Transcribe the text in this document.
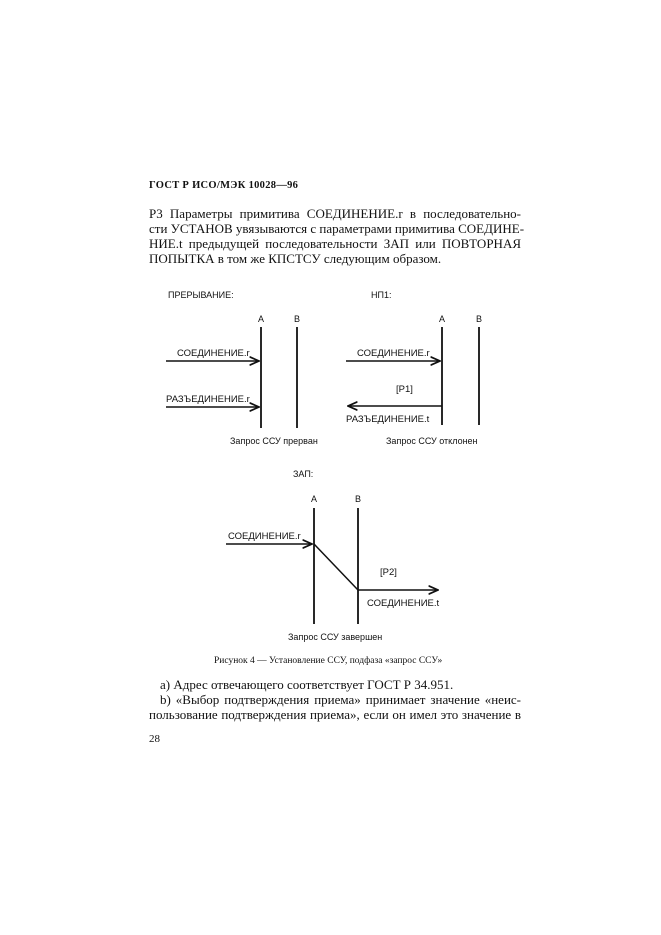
ГОСТ Р ИСО/МЭК 10028—96
Р3 Параметры примитива СОЕДИНЕНИЕ.r в последовательно-
сти УСТАНОВ увязываются с параметрами примитива СОЕДИНЕ-
НИЕ.t предыдущей последовательности ЗАП или ПОВТОРНАЯ
ПОПЫТКА в том же КПСТСУ следующим образом.
ПРЕРЫВАНИЕ:
A	B
СОЕДИНЕНИЕ.r
РАЗЪЕДИНЕНИЕ.r
Запрос ССУ прерван
НП1:
A	B
СОЕДИНЕНИЕ.r
[P1]
РАЗЪЕДИНЕНИЕ.t
Запрос ССУ отклонен
ЗАП:
A	B
СОЕДИНЕНИЕ.r
[P2]
СОЕДИНЕНИЕ.t
Запрос ССУ завершен
Рисунок 4 — Установление ССУ, подфаза «запрос ССУ»
а) Адрес отвечающего соответствует ГОСТ Р 34.951.
b) «Выбор подтверждения приема» принимает значение «неис-
пользование подтверждения приема», если он имел это значение в
28
